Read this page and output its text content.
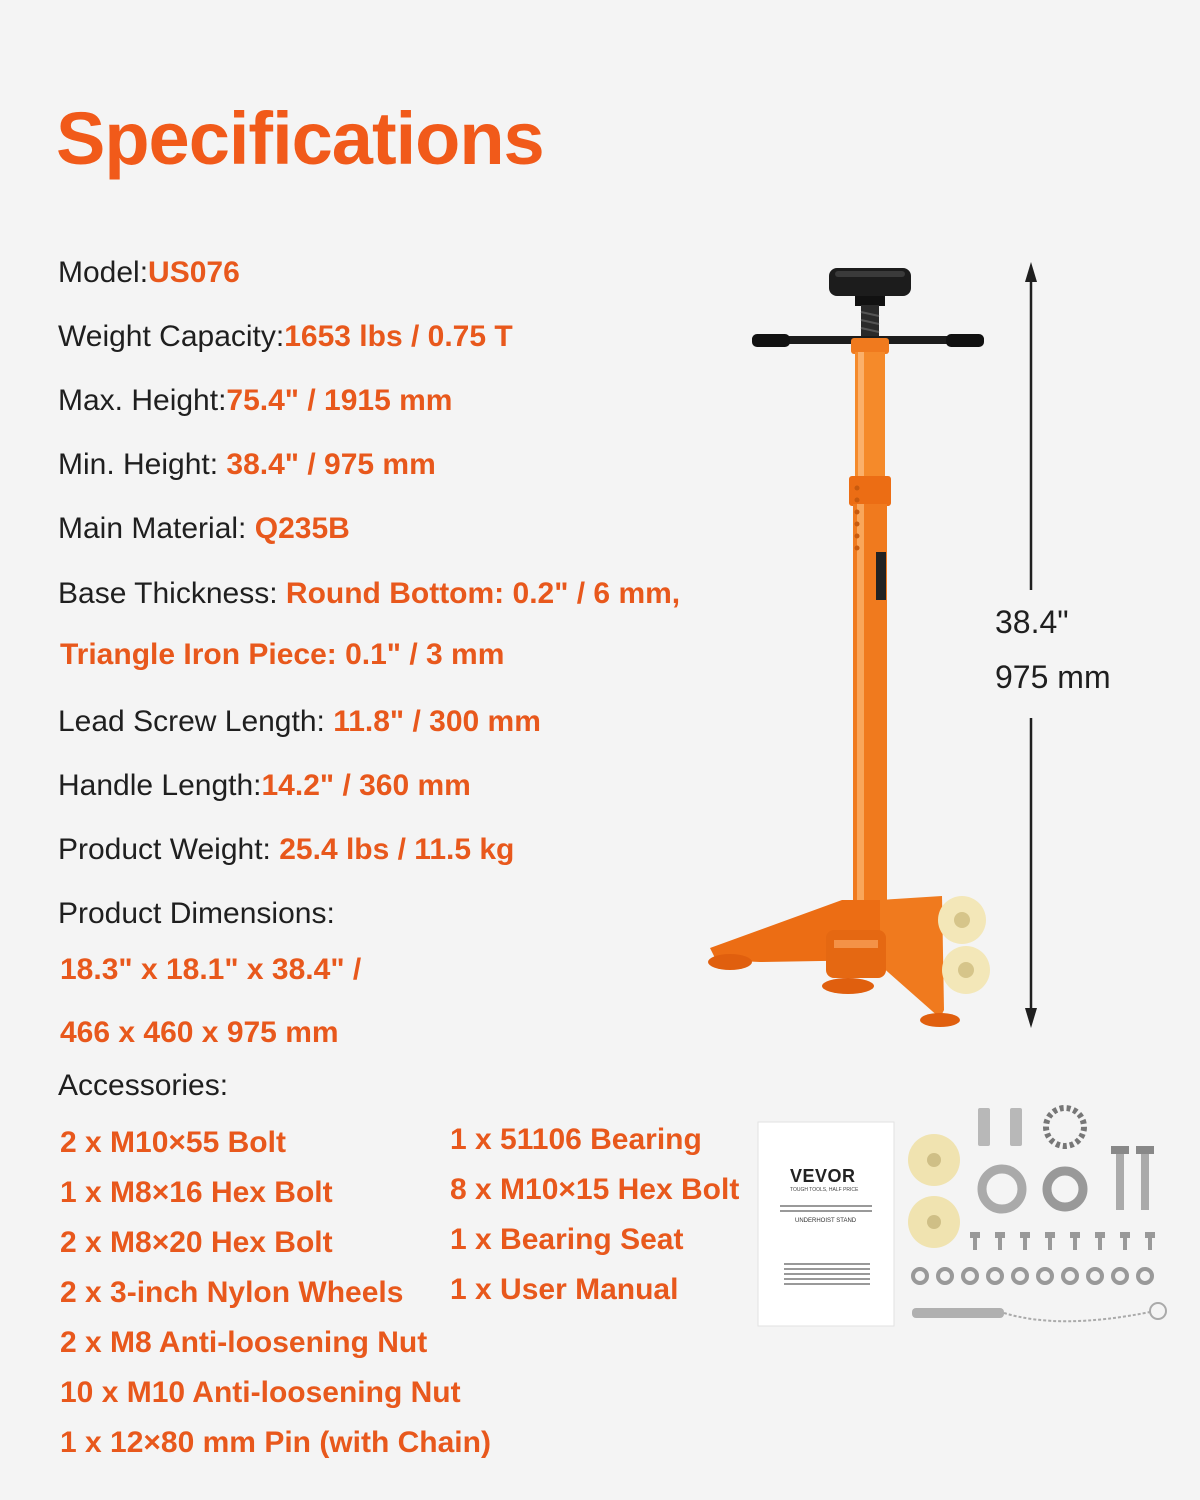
Specifications
Model:US076
Weight Capacity:1653 lbs / 0.75 T
Max. Height:75.4" / 1915 mm
Min. Height: 38.4" / 975 mm
Main Material: Q235B
Base Thickness: Round Bottom: 0.2" / 6 mm,
Triangle Iron Piece: 0.1" / 3 mm
Lead Screw Length: 11.8" / 300 mm
Handle Length:14.2" / 360 mm
Product Weight: 25.4 lbs / 11.5 kg
Product Dimensions:
18.3" x 18.1" x 38.4" /
466 x 460 x 975 mm
Accessories:
2 x M10×55 Bolt
1 x M8×16 Hex Bolt
2 x M8×20 Hex Bolt
2 x 3-inch Nylon Wheels
2 x M8 Anti-loosening Nut
10 x M10 Anti-loosening Nut
1 x 12×80 mm Pin (with Chain)
1 x 51106 Bearing
8 x M10×15 Hex Bolt
1 x Bearing Seat
1 x User Manual
VEVOR
TOUGH TOOLS, HALF PRICE
UNDERHOIST STAND
38.4"
975 mm
